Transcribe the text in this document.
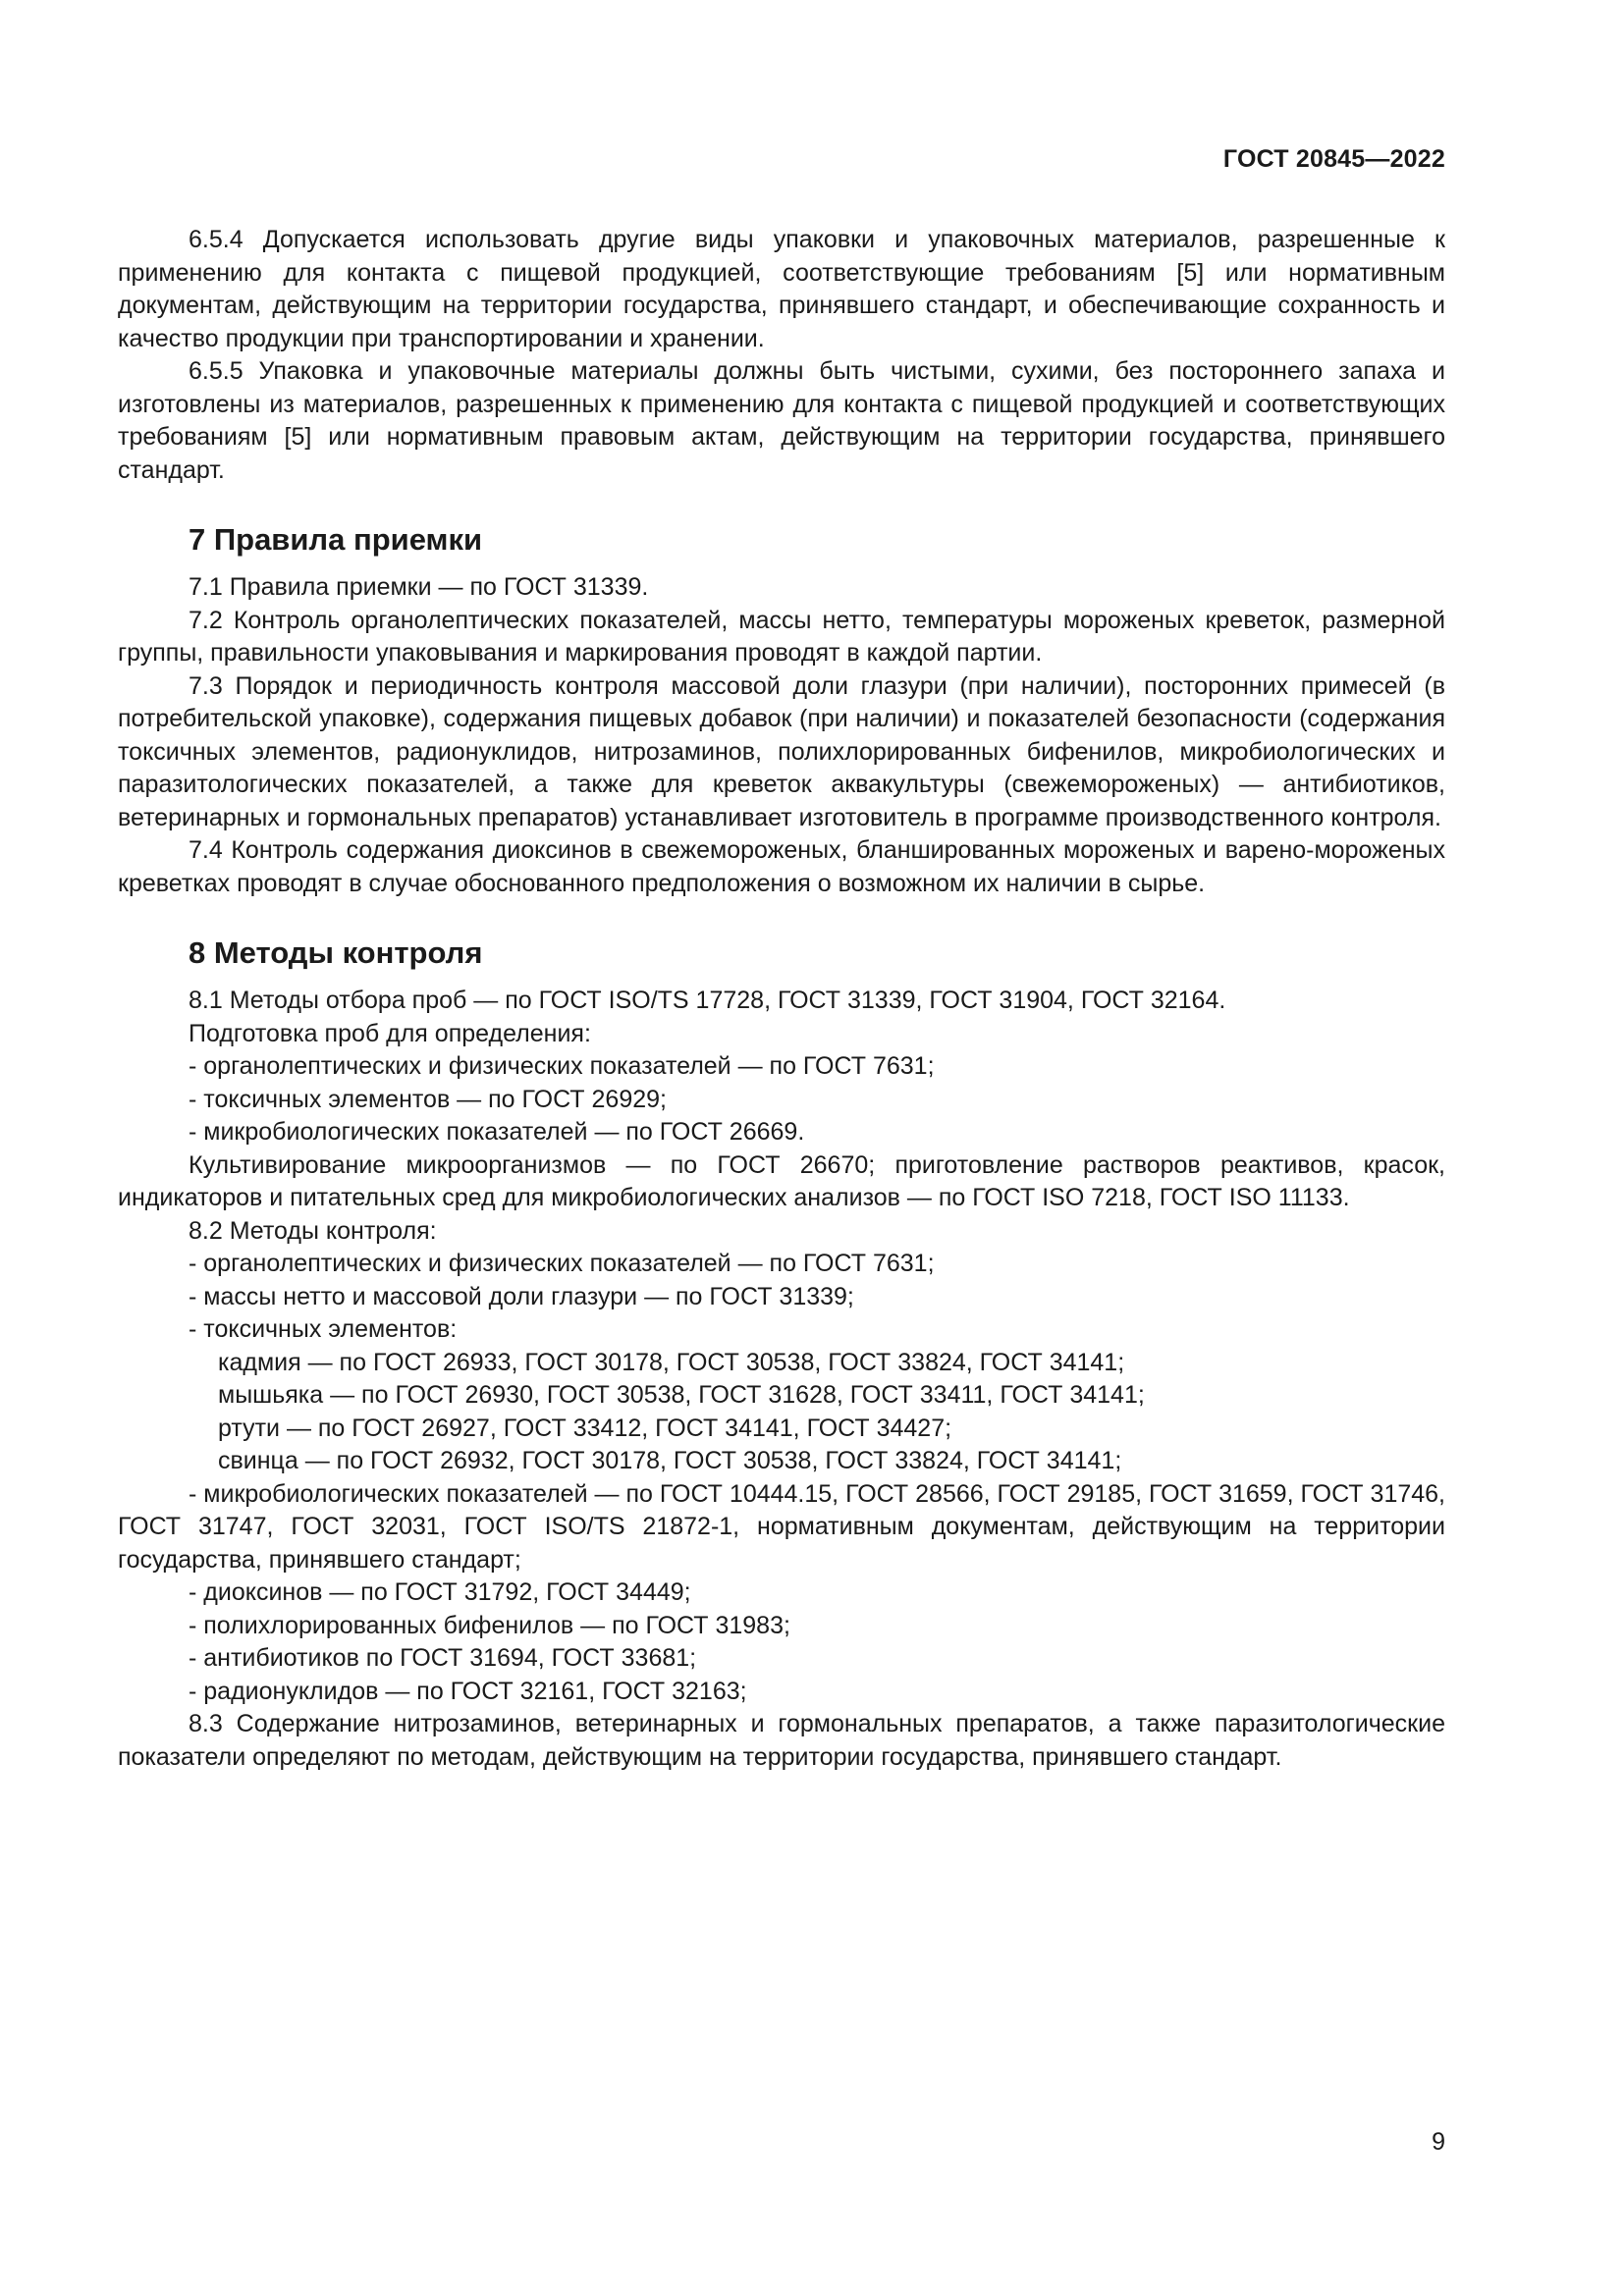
ГОСТ 20845—2022

6.5.4 Допускается использовать другие виды упаковки и упаковочных материалов, разрешенные к применению для контакта с пищевой продукцией, соответствующие требованиям [5] или нормативным документам, действующим на территории государства, принявшего стандарт, и обеспечивающие сохранность и качество продукции при транспортировании и хранении.

6.5.5 Упаковка и упаковочные материалы должны быть чистыми, сухими, без постороннего запаха и изготовлены из материалов, разрешенных к применению для контакта с пищевой продукцией и соответствующих требованиям [5] или нормативным правовым актам, действующим на территории государства, принявшего стандарт.

7 Правила приемки

7.1 Правила приемки — по ГОСТ 31339.

7.2 Контроль органолептических показателей, массы нетто, температуры мороженых креветок, размерной группы, правильности упаковывания и маркирования проводят в каждой партии.

7.3 Порядок и периодичность контроля массовой доли глазури (при наличии), посторонних примесей (в потребительской упаковке), содержания пищевых добавок (при наличии) и показателей безопасности (содержания токсичных элементов, радионуклидов, нитрозаминов, полихлорированных бифенилов, микробиологических и паразитологических показателей, а также для креветок аквакультуры (свежемороженых) — антибиотиков, ветеринарных и гормональных препаратов) устанавливает изготовитель в программе производственного контроля.

7.4 Контроль содержания диоксинов в свежемороженых, бланшированных мороженых и варено-мороженых креветках проводят в случае обоснованного предположения о возможном их наличии в сырье.

8 Методы контроля

8.1 Методы отбора проб — по ГОСТ ISO/TS 17728, ГОСТ 31339, ГОСТ 31904, ГОСТ 32164.

Подготовка проб для определения:

- органолептических и физических показателей — по ГОСТ 7631;

- токсичных элементов — по ГОСТ 26929;

- микробиологических показателей — по ГОСТ 26669.

Культивирование микроорганизмов — по ГОСТ 26670; приготовление растворов реактивов, красок, индикаторов и питательных сред для микробиологических анализов — по ГОСТ ISO 7218, ГОСТ ISO 11133.

8.2 Методы контроля:

- органолептических и физических показателей — по ГОСТ 7631;

- массы нетто и массовой доли глазури — по ГОСТ 31339;

- токсичных элементов:

кадмия — по ГОСТ 26933, ГОСТ 30178, ГОСТ 30538, ГОСТ 33824, ГОСТ 34141;

мышьяка — по ГОСТ 26930, ГОСТ 30538, ГОСТ 31628, ГОСТ 33411, ГОСТ 34141;

ртути — по ГОСТ 26927, ГОСТ 33412, ГОСТ 34141, ГОСТ 34427;

свинца — по ГОСТ 26932, ГОСТ 30178, ГОСТ 30538, ГОСТ 33824, ГОСТ 34141;

- микробиологических показателей — по ГОСТ 10444.15, ГОСТ 28566, ГОСТ 29185, ГОСТ 31659, ГОСТ 31746, ГОСТ 31747, ГОСТ 32031, ГОСТ ISO/TS 21872-1, нормативным документам, действующим на территории государства, принявшего стандарт;

- диоксинов — по ГОСТ 31792, ГОСТ 34449;

- полихлорированных бифенилов — по ГОСТ 31983;

- антибиотиков по ГОСТ 31694, ГОСТ 33681;

- радионуклидов — по ГОСТ 32161, ГОСТ 32163;

8.3 Содержание нитрозаминов, ветеринарных и гормональных препаратов, а также паразитологические показатели определяют по методам, действующим на территории государства, принявшего стандарт.

9
